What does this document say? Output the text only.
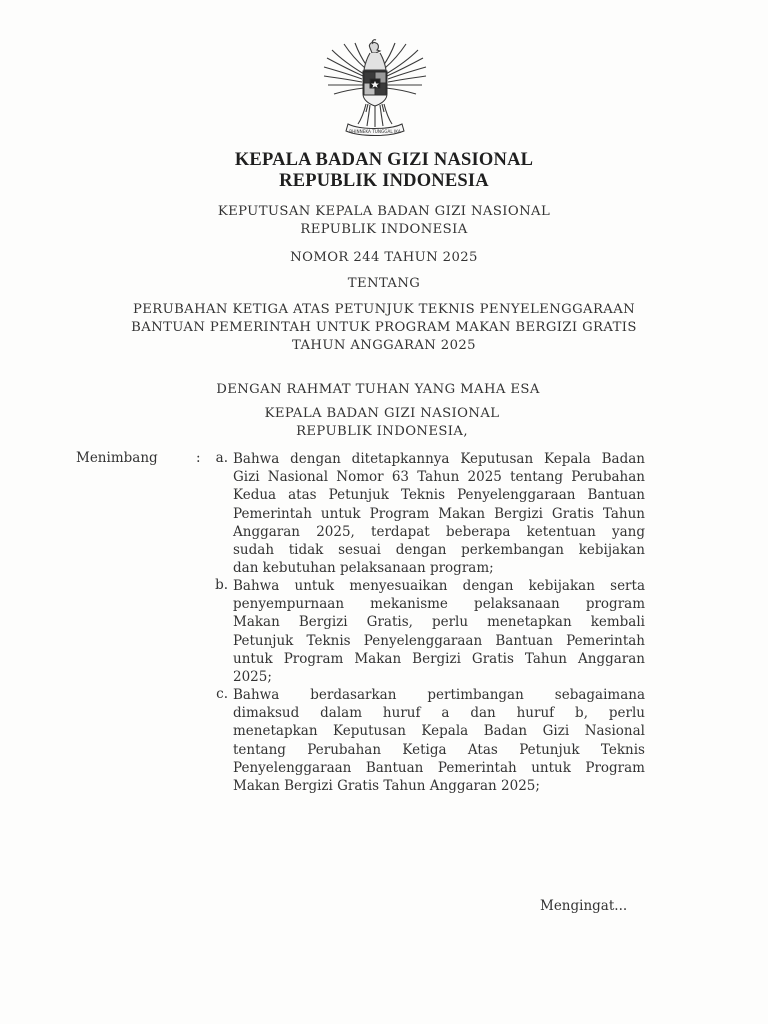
BHINNEKA TUNGGAL IKA
KEPALA BADAN GIZI NASIONAL
REPUBLIK INDONESIA
KEPUTUSAN KEPALA BADAN GIZI NASIONAL
REPUBLIK INDONESIA
NOMOR 244 TAHUN 2025
TENTANG
PERUBAHAN KETIGA ATAS PETUNJUK TEKNIS PENYELENGGARAAN
BANTUAN PEMERINTAH UNTUK PROGRAM MAKAN BERGIZI GRATIS
TAHUN ANGGARAN 2025
DENGAN RAHMAT TUHAN YANG MAHA ESA
KEPALA BADAN GIZI NASIONAL
REPUBLIK INDONESIA,
Menimbang	:	a. Bahwa dengan ditetapkannya Keputusan Kepala Badan
Gizi Nasional Nomor 63 Tahun 2025 tentang Perubahan
Kedua atas Petunjuk Teknis Penyelenggaraan Bantuan
Pemerintah untuk Program Makan Bergizi Gratis Tahun
Anggaran 2025, terdapat beberapa ketentuan yang
sudah tidak sesuai dengan perkembangan kebijakan
dan kebutuhan pelaksanaan program;
b. Bahwa untuk menyesuaikan dengan kebijakan serta
penyempurnaan mekanisme pelaksanaan program
Makan Bergizi Gratis, perlu menetapkan kembali
Petunjuk Teknis Penyelenggaraan Bantuan Pemerintah
untuk Program Makan Bergizi Gratis Tahun Anggaran
2025;
c. Bahwa berdasarkan pertimbangan sebagaimana
dimaksud dalam huruf a dan huruf b, perlu
menetapkan Keputusan Kepala Badan Gizi Nasional
tentang Perubahan Ketiga Atas Petunjuk Teknis
Penyelenggaraan Bantuan Pemerintah untuk Program
Makan Bergizi Gratis Tahun Anggaran 2025;
Mengingat...
